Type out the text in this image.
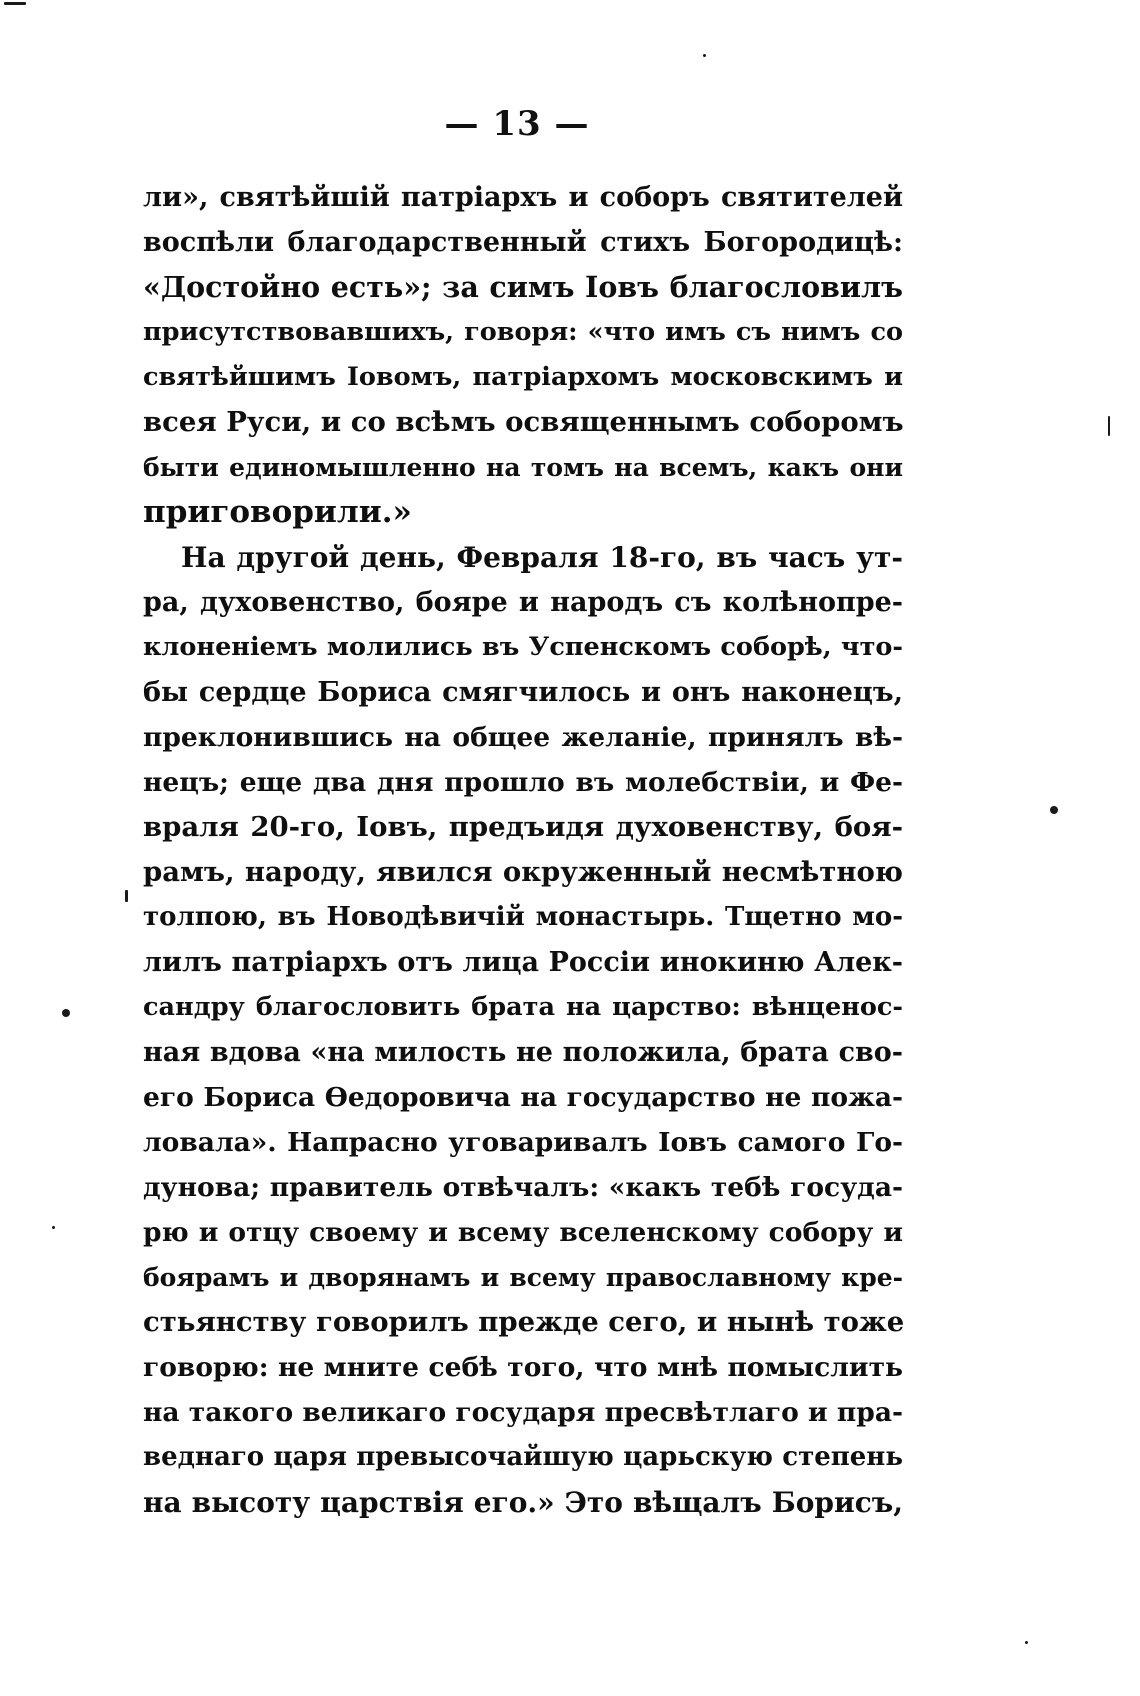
— 13 —
ли», святѣйшій патріархъ и соборъ святителей
воспѣли благодарственный стихъ Богородицѣ:
«Достойно есть»; за симъ Іовъ благословилъ
присутствовавшихъ, говоря: «что имъ съ нимъ со
святѣйшимъ Іовомъ, патріархомъ московскимъ и
всея Руси, и со всѣмъ освященнымъ соборомъ
быти единомышленно на томъ на всемъ, какъ они
приговорили.»
На другой день, Февраля 18-го, въ часъ ут-
ра, духовенство, бояре и народъ съ колѣнопре-
клоненіемъ молились въ Успенскомъ соборѣ, что-
бы сердце Бориса смягчилось и онъ наконецъ,
преклонившись на общее желаніе, принялъ вѣ-
нецъ; еще два дня прошло въ молебствіи, и Фе-
враля 20-го, Іовъ, предъидя духовенству, боя-
рамъ, народу, явился окруженный несмѣтною
толпою, въ Новодѣвичій монастырь. Тщетно мо-
лилъ патріархъ отъ лица Россіи инокиню Алек-
сандру благословить брата на царство: вѣнценос-
ная вдова «на милость не положила, брата сво-
его Бориса Ѳедоровича на государство не пожа-
ловала». Напрасно уговаривалъ Іовъ самого Го-
дунова; правитель отвѣчалъ: «какъ тебѣ госуда-
рю и отцу своему и всему вселенскому собору и
боярамъ и дворянамъ и всему православному кре-
стьянству говорилъ прежде сего, и нынѣ тоже
говорю: не мните себѣ того, что мнѣ помыслить
на такого великаго государя пресвѣтлаго и пра-
веднаго царя превысочайшую царьскую степень
на высоту царствія его.» Это вѣщалъ Борисъ,
